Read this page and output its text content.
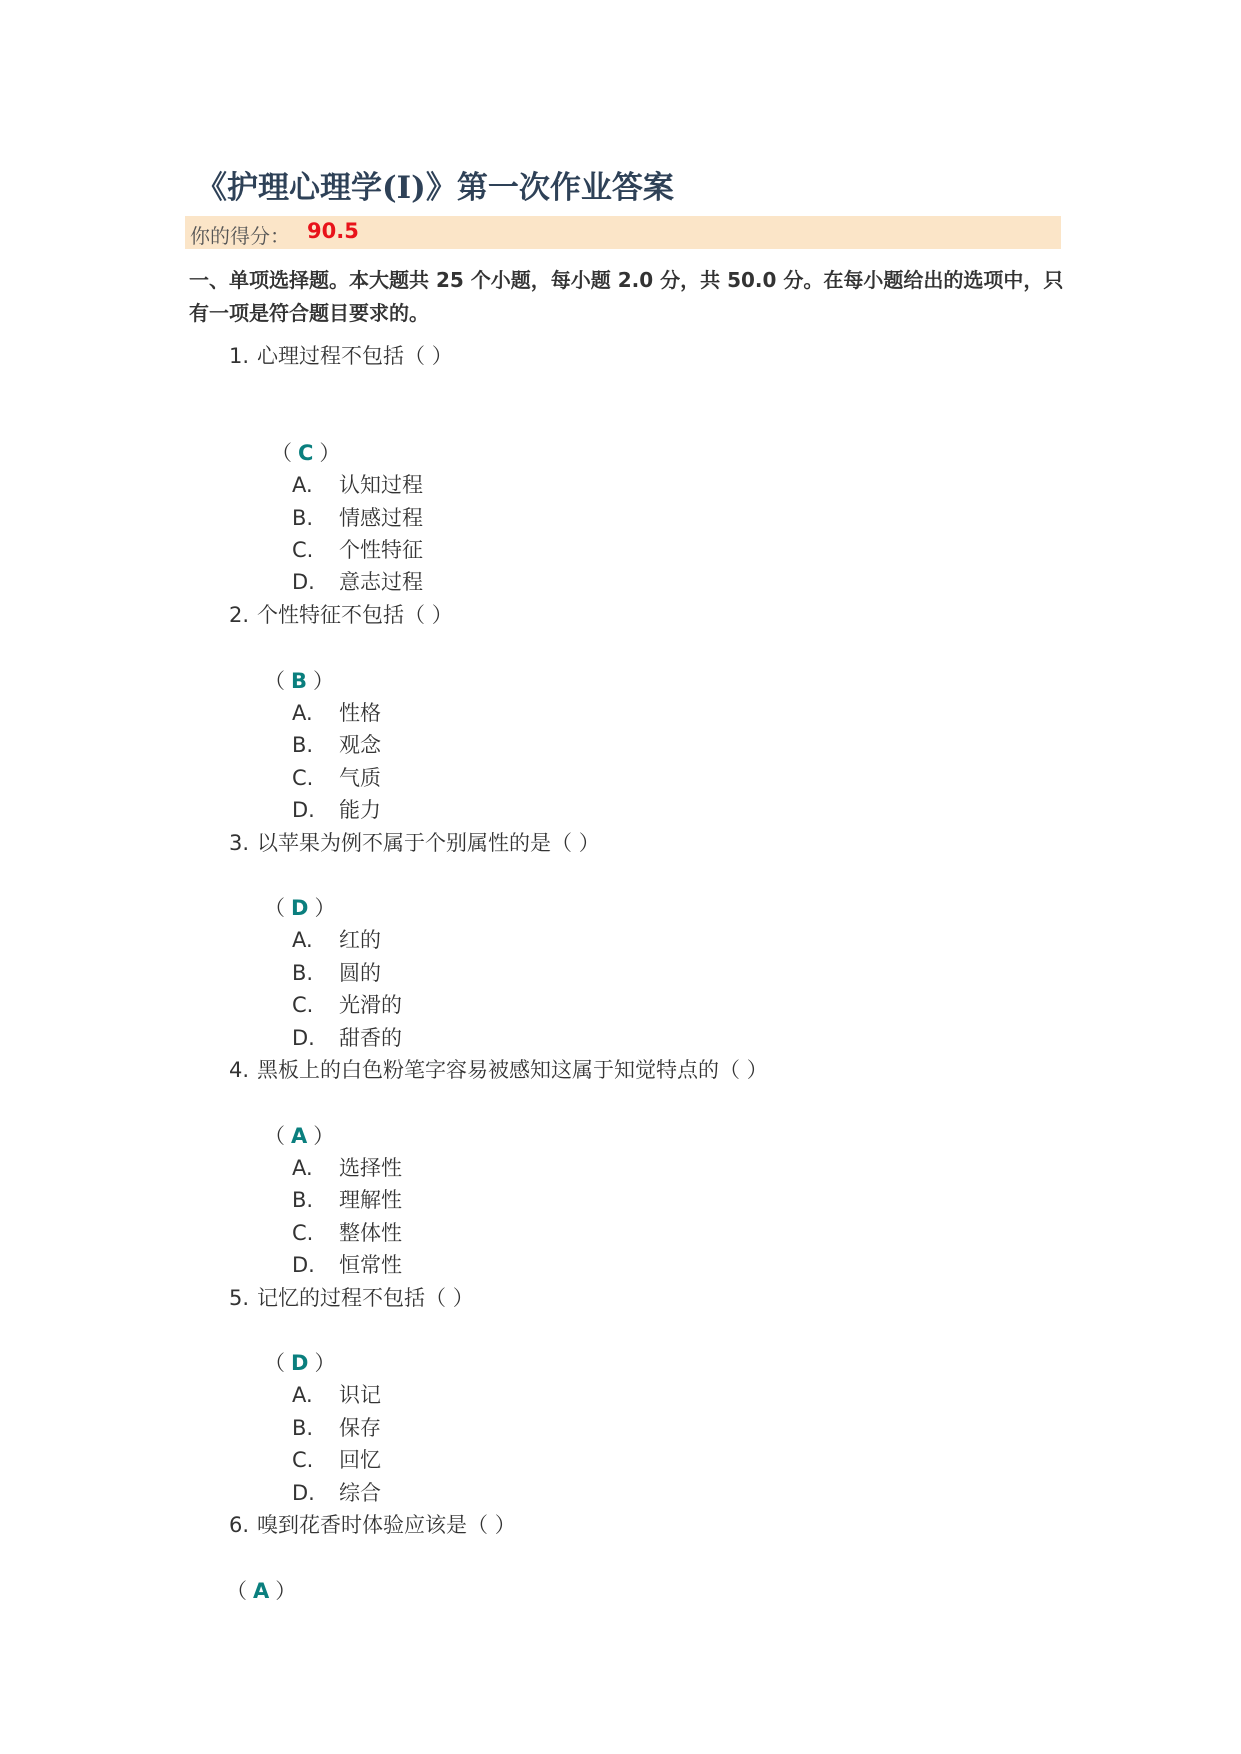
《护理心理学(Ⅰ)》第一次作业答案
你的得分： 90.5
一、单项选择题。本大题共 25 个小题，每小题 2.0 分，共 50.0 分。在每小题给出的选项中，只有一项是符合题目要求的。
1. 心理过程不包括（ ）
（ C ）
A. 认知过程
B. 情感过程
C. 个性特征
D. 意志过程
2. 个性特征不包括（ ）
（ B ）
A. 性格
B. 观念
C. 气质
D. 能力
3. 以苹果为例不属于个别属性的是（ ）
（ D ）
A. 红的
B. 圆的
C. 光滑的
D. 甜香的
4. 黑板上的白色粉笔字容易被感知这属于知觉特点的（ ）
（ A ）
A. 选择性
B. 理解性
C. 整体性
D. 恒常性
5. 记忆的过程不包括（ ）
（ D ）
A. 识记
B. 保存
C. 回忆
D. 综合
6. 嗅到花香时体验应该是（ ）
（ A ）
